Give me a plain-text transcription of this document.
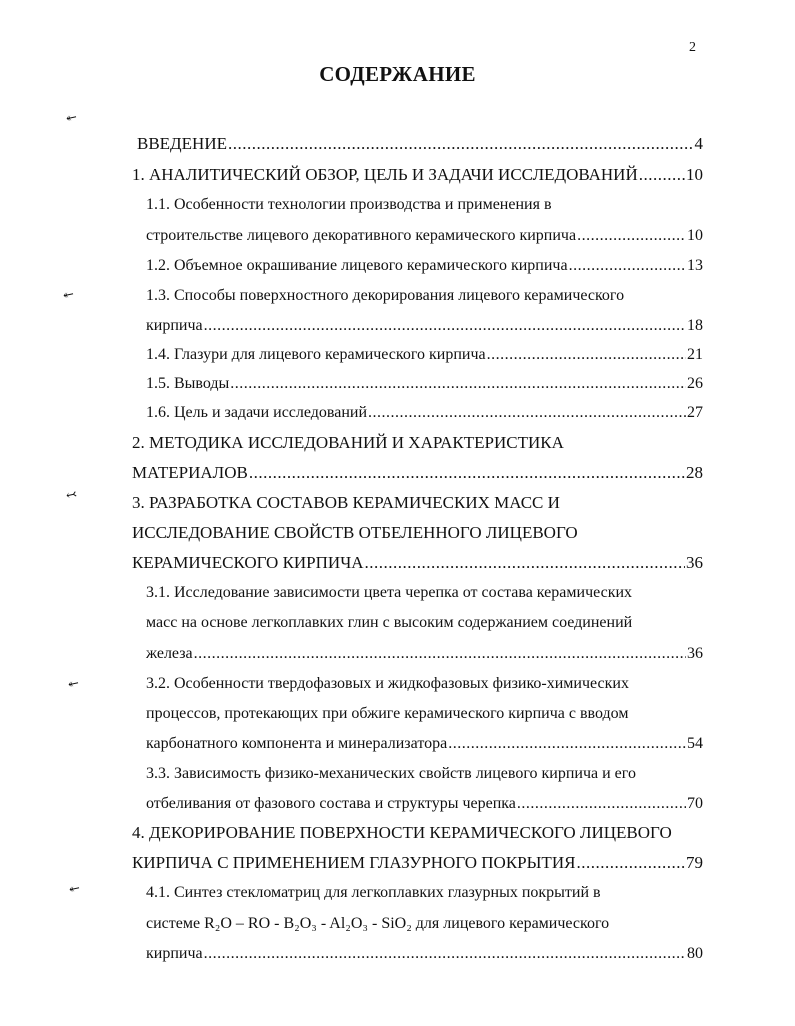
2
СОДЕРЖАНИЕ
ВВЕДЕНИЕ .....	4
1. АНАЛИТИЧЕСКИЙ ОБЗОР, ЦЕЛЬ И ЗАДАЧИ ИССЛЕДОВАНИЙ .....	10
1.1. Особенности технологии производства и применения в
строительстве лицевого декоративного керамического кирпича .....	10
1.2. Объемное окрашивание лицевого керамического кирпича .....	13
1.3. Способы поверхностного декорирования лицевого керамического
кирпича .....	18
1.4. Глазури для лицевого керамического кирпича .....	21
1.5. Выводы .....	26
1.6. Цель и задачи исследований .....	27
2. МЕТОДИКА ИССЛЕДОВАНИЙ И ХАРАКТЕРИСТИКА
МАТЕРИАЛОВ .....	28
3. РАЗРАБОТКА СОСТАВОВ КЕРАМИЧЕСКИХ МАСС И
ИССЛЕДОВАНИЕ СВОЙСТВ ОТБЕЛЕННОГО ЛИЦЕВОГО
КЕРАМИЧЕСКОГО КИРПИЧА .....	36
3.1. Исследование зависимости цвета черепка от состава керамических
масс на основе легкоплавких глин с высоким содержанием соединений
железа .....	36
3.2. Особенности твердофазовых и жидкофазовых физико-химических
процессов, протекающих при обжиге керамического кирпича с вводом
карбонатного компонента и минерализатора .....	54
3.3. Зависимость физико-механических свойств лицевого кирпича и его
отбеливания от фазового состава и структуры черепка .....	70
4. ДЕКОРИРОВАНИЕ ПОВЕРХНОСТИ КЕРАМИЧЕСКОГО ЛИЦЕВОГО
КИРПИЧА С ПРИМЕНЕНИЕМ ГЛАЗУРНОГО ПОКРЫТИЯ .....	79
4.1. Синтез стекломатриц для легкоплавких глазурных покрытий в
системе R₂O – RO - B₂O₃ - Al₂O₃ - SiO₂ для лицевого керамического
кирпича .....	80
↞
↞
↢
↞
↞
